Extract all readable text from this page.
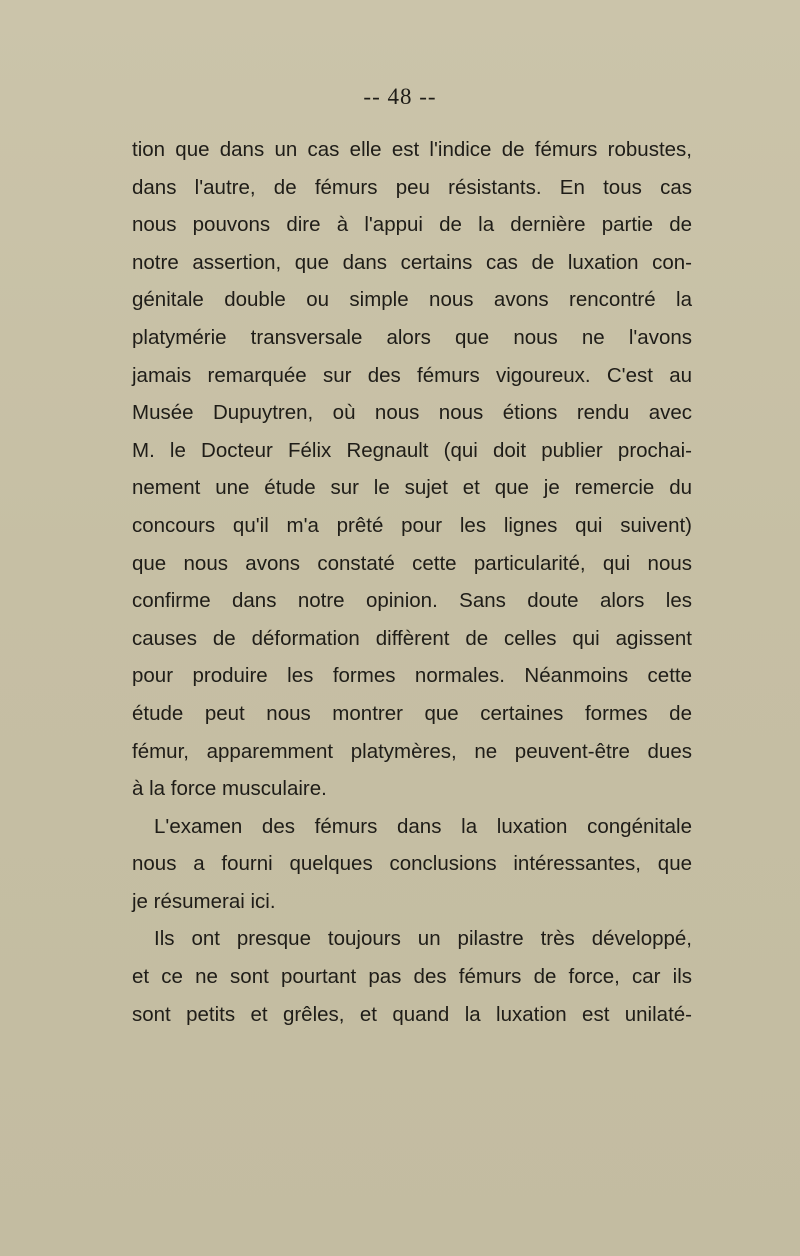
-- 48 --
tion que dans un cas elle est l'indice de fémurs robustes,
dans l'autre, de fémurs peu résistants. En tous cas
nous pouvons dire à l'appui de la dernière partie de
notre assertion, que dans certains cas de luxation con-
génitale double ou simple nous avons rencontré la
platymérie transversale alors que nous ne l'avons
jamais remarquée sur des fémurs vigoureux. C'est au
Musée Dupuytren, où nous nous étions rendu avec
M. le Docteur Félix Regnault (qui doit publier prochai-
nement une étude sur le sujet et que je remercie du
concours qu'il m'a prêté pour les lignes qui suivent)
que nous avons constaté cette particularité, qui nous
confirme dans notre opinion. Sans doute alors les
causes de déformation diffèrent de celles qui agissent
pour produire les formes normales. Néanmoins cette
étude peut nous montrer que certaines formes de
fémur, apparemment platymères, ne peuvent-être dues
à la force musculaire.
L'examen des fémurs dans la luxation congénitale
nous a fourni quelques conclusions intéressantes, que
je résumerai ici.
Ils ont presque toujours un pilastre très développé,
et ce ne sont pourtant pas des fémurs de force, car ils
sont petits et grêles, et quand la luxation est unilaté-
